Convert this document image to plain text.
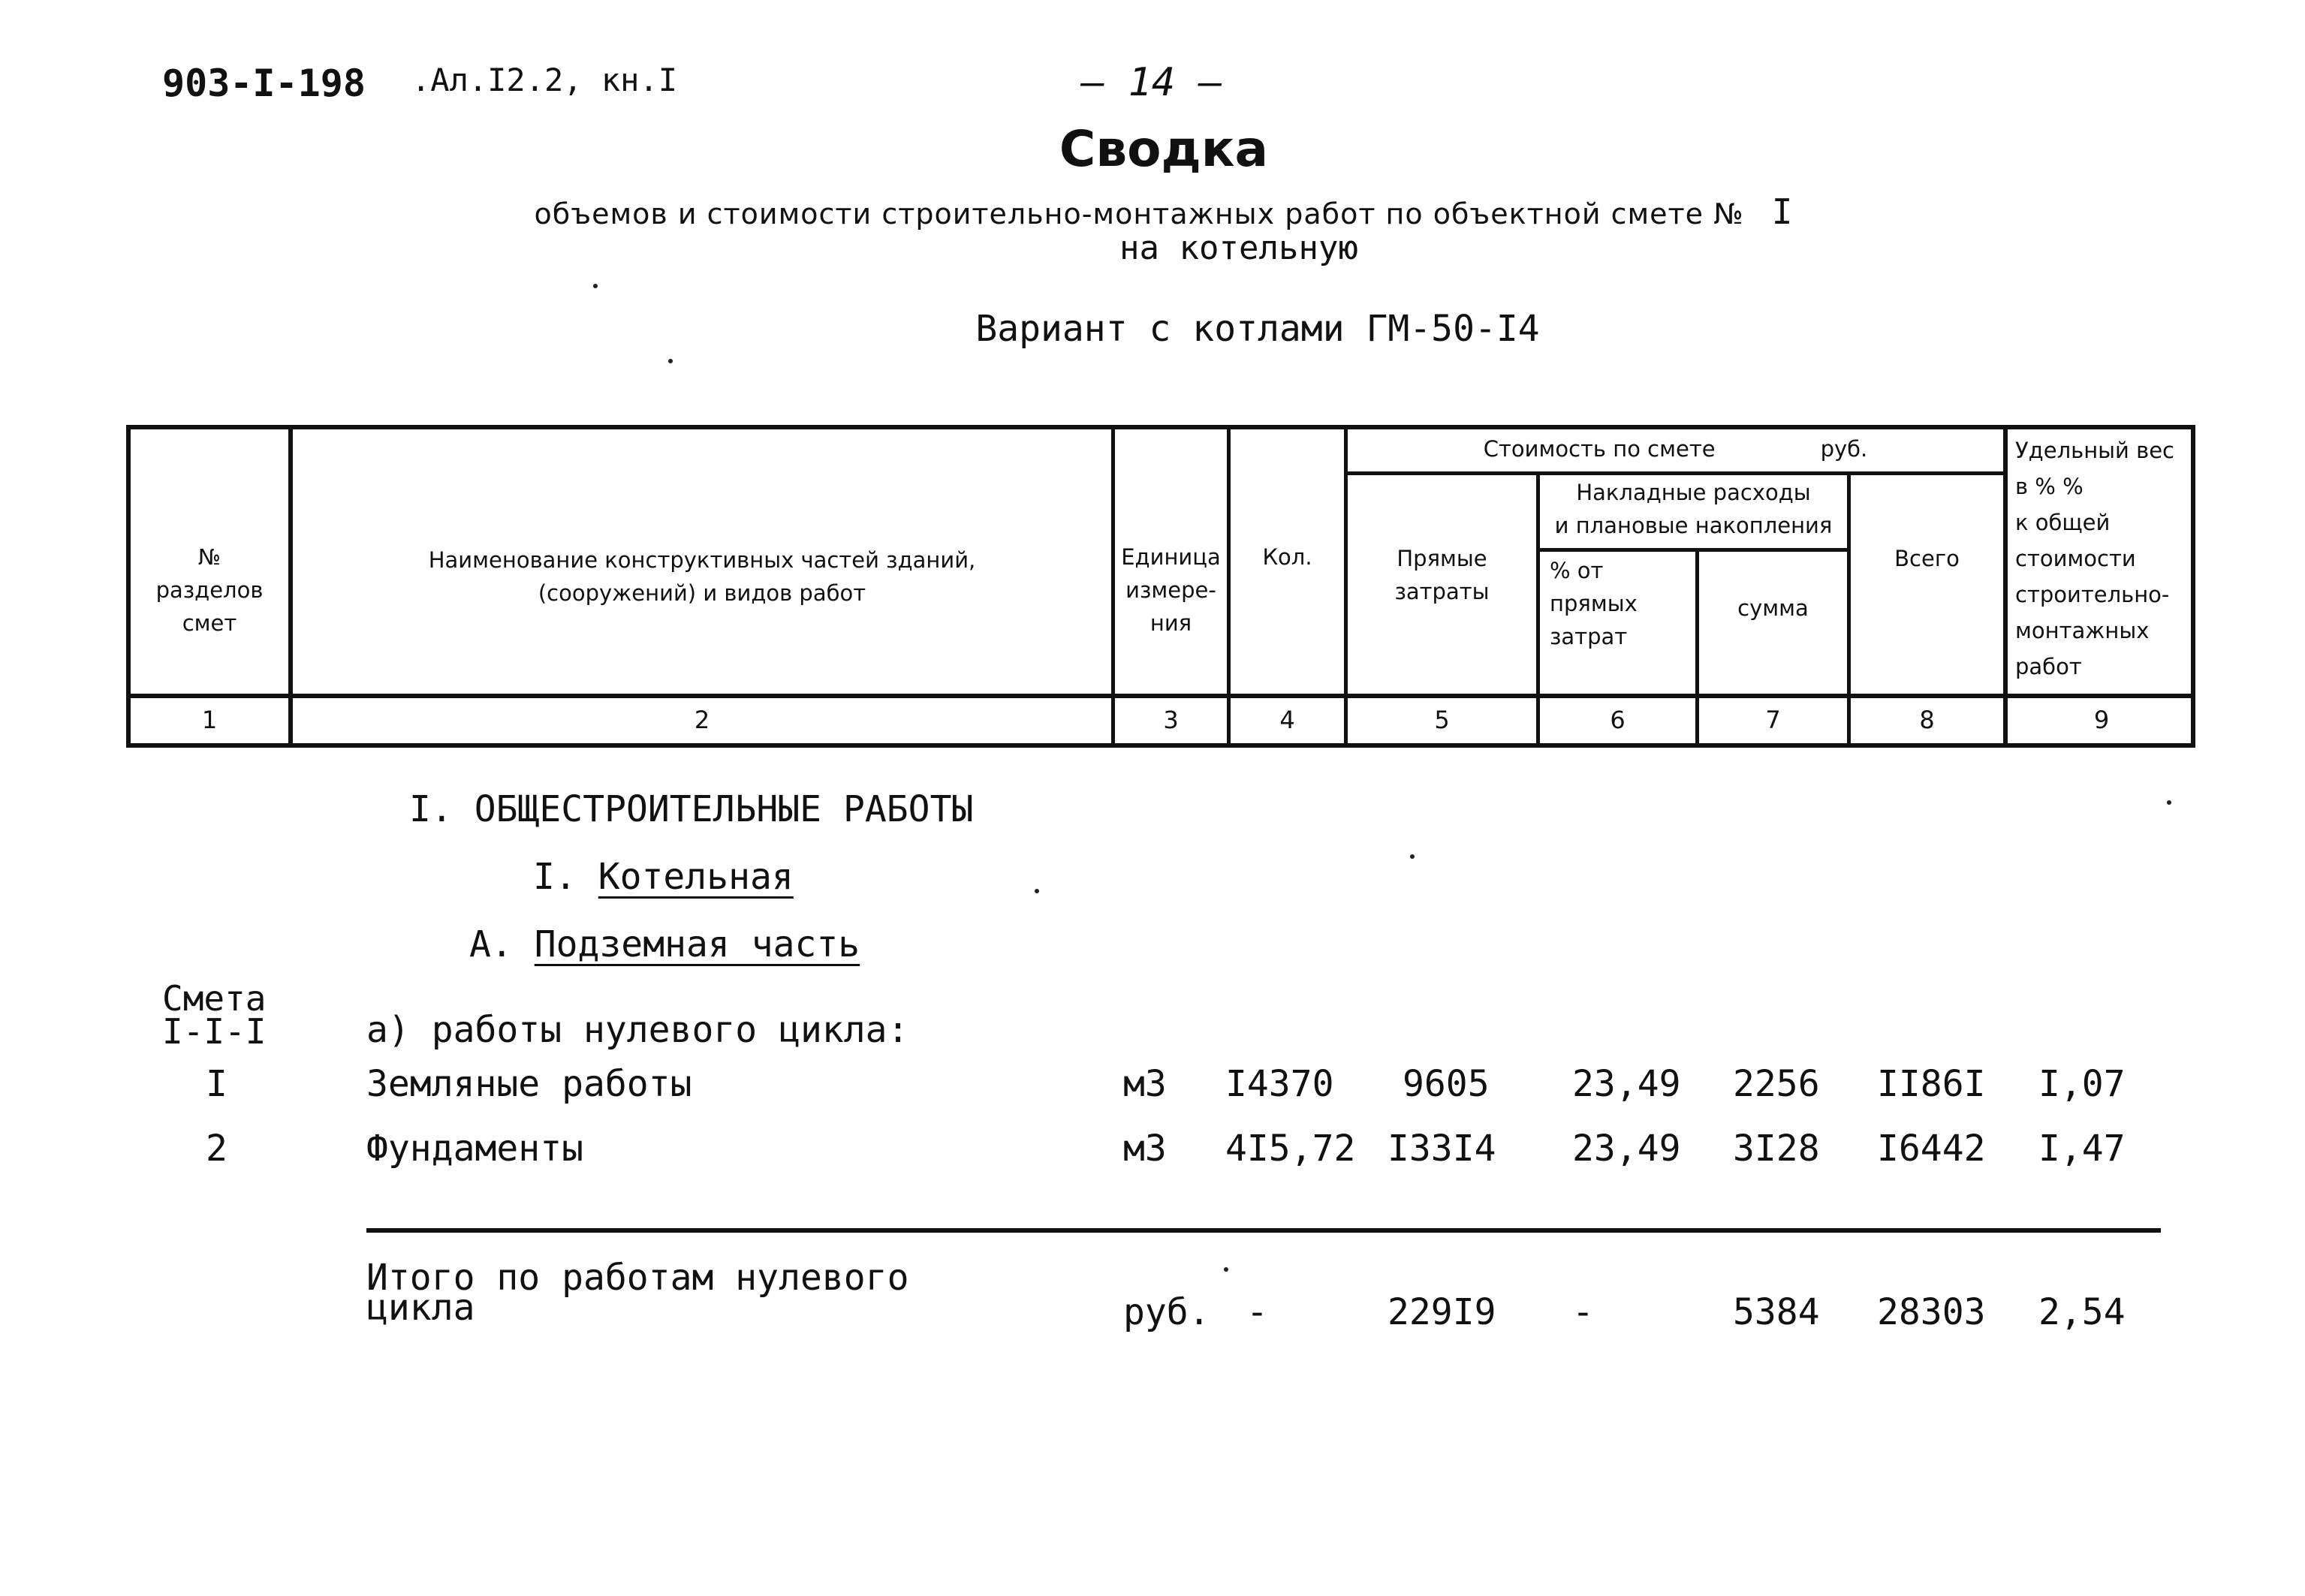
903-I-198 .Ал.I2.2, кн.I	— 14 —
Сводка
объемов и стоимости строительно-монтажных работ по объектной смете № I
на котельную
Вариант с котлами ГМ-50-I4
№
разделов
смет
Наименование конструктивных частей зданий,
(сооружений) и видов работ
Единица
измере-
ния
Кол.
Стоимость по смете	руб.
Прямые
затраты
Накладные расходы
и плановые накопления
% от
прямых
затрат
сумма
Всего
Удельный вес
в % %
к общей
стоимости
строительно-
монтажных
работ
1	2	3	4	5	6	7	8	9
I. ОБЩЕСТРОИТЕЛЬНЫЕ РАБОТЫ
I. Котельная
А. Подземная часть
Смета
I-I-I	а) работы нулевого цикла:
I	Земляные работы	м3 I4370 9605 23,49 2256 II86I I,07
2	Фундаменты	м3 4I5,72 I33I4 23,49 3I28 I6442 I,47
Итого по работам нулевого
цикла	руб. -	229I9 -	5384 28303 2,54
